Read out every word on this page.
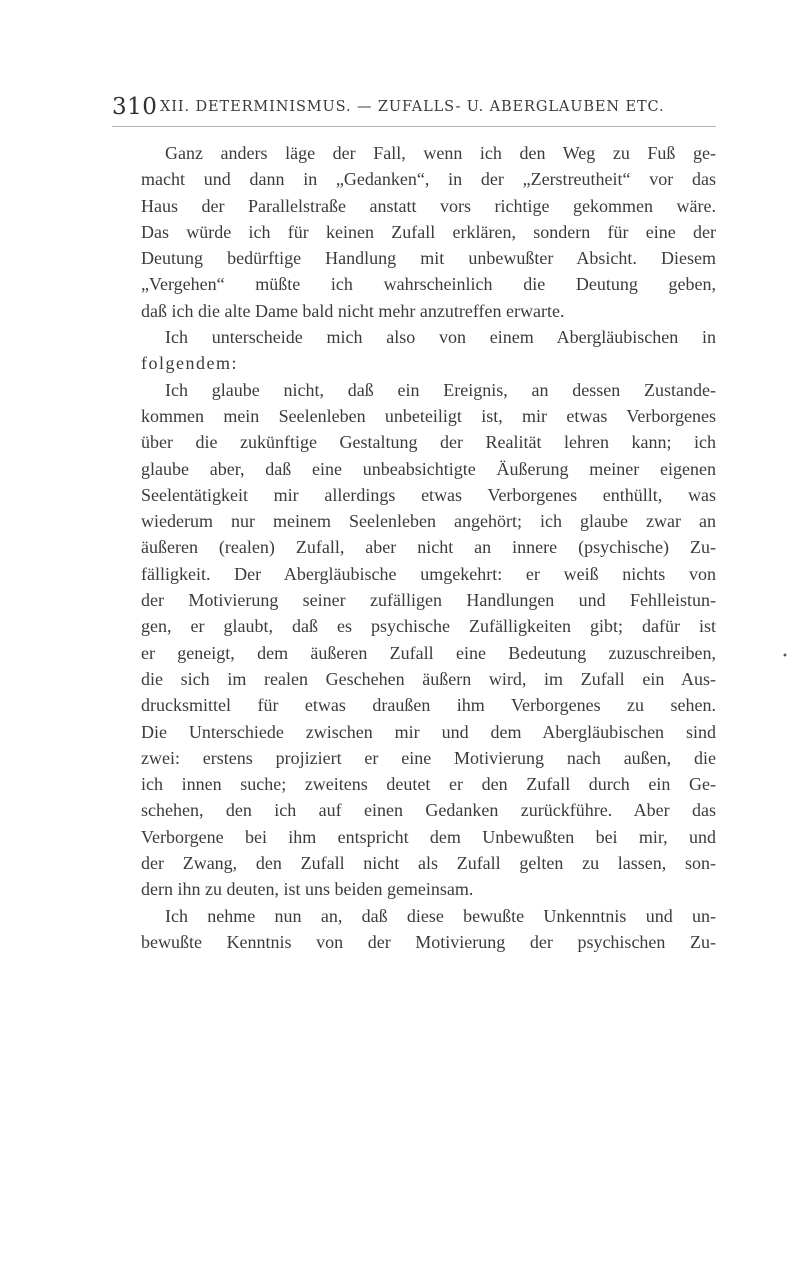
310 XII. DETERMINISMUS. — ZUFALLS- U. ABERGLAUBEN ETC.
•
Ganz anders läge der Fall, wenn ich den Weg zu Fuß ge-
macht und dann in „Gedanken“, in der „Zerstreutheit“ vor das
Haus der Parallelstraße anstatt vors richtige gekommen wäre.
Das würde ich für keinen Zufall erklären, sondern für eine der
Deutung bedürftige Handlung mit unbewußter Absicht. Diesem
„Vergehen“ müßte ich wahrscheinlich die Deutung geben,
daß ich die alte Dame bald nicht mehr anzutreffen erwarte.
Ich unterscheide mich also von einem Abergläubischen in
folgendem:
Ich glaube nicht, daß ein Ereignis, an dessen Zustande-
kommen mein Seelenleben unbeteiligt ist, mir etwas Verborgenes
über die zukünftige Gestaltung der Realität lehren kann; ich
glaube aber, daß eine unbeabsichtigte Äußerung meiner eigenen
Seelentätigkeit mir allerdings etwas Verborgenes enthüllt, was
wiederum nur meinem Seelenleben angehört; ich glaube zwar an
äußeren (realen) Zufall, aber nicht an innere (psychische) Zu-
fälligkeit. Der Abergläubische umgekehrt: er weiß nichts von
der Motivierung seiner zufälligen Handlungen und Fehlleistun-
gen, er glaubt, daß es psychische Zufälligkeiten gibt; dafür ist
er geneigt, dem äußeren Zufall eine Bedeutung zuzuschreiben,
die sich im realen Geschehen äußern wird, im Zufall ein Aus-
drucksmittel für etwas draußen ihm Verborgenes zu sehen.
Die Unterschiede zwischen mir und dem Abergläubischen sind
zwei: erstens projiziert er eine Motivierung nach außen, die
ich innen suche; zweitens deutet er den Zufall durch ein Ge-
schehen, den ich auf einen Gedanken zurückführe. Aber das
Verborgene bei ihm entspricht dem Unbewußten bei mir, und
der Zwang, den Zufall nicht als Zufall gelten zu lassen, son-
dern ihn zu deuten, ist uns beiden gemeinsam.
Ich nehme nun an, daß diese bewußte Unkenntnis und un-
bewußte Kenntnis von der Motivierung der psychischen Zu-
